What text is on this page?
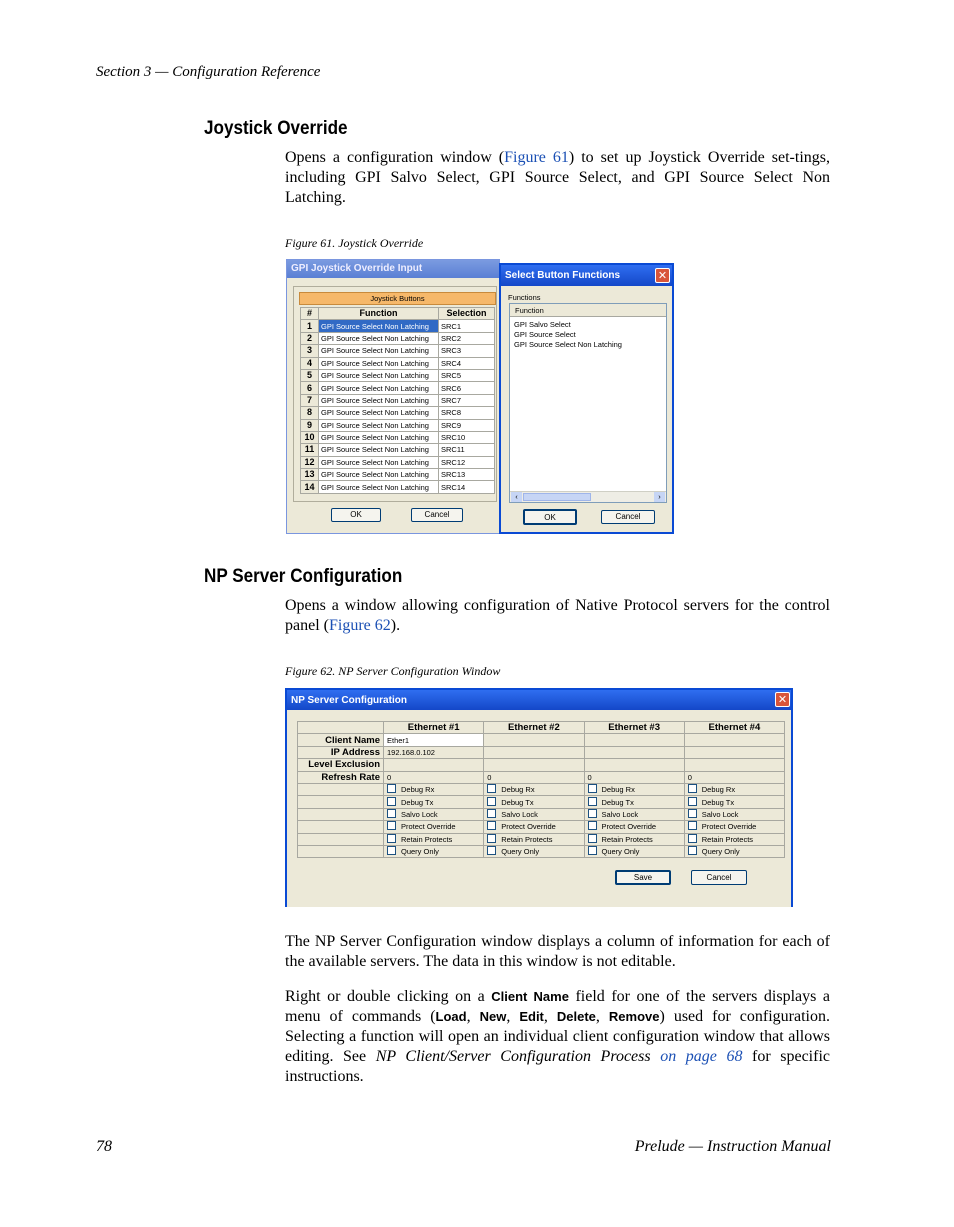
Section 3 — Configuration Reference
Joystick Override
Opens a configuration window (Figure 61) to set up Joystick Override set-tings, including GPI Salvo Select, GPI Source Select, and GPI Source Select Non Latching.
Figure 61. Joystick Override
GPI Joystick Override Input
Joystick Buttons
#	Function	Selection
1	GPI Source Select Non Latching	SRC1
2	GPI Source Select Non Latching	SRC2
3	GPI Source Select Non Latching	SRC3
4	GPI Source Select Non Latching	SRC4
5	GPI Source Select Non Latching	SRC5
6	GPI Source Select Non Latching	SRC6
7	GPI Source Select Non Latching	SRC7
8	GPI Source Select Non Latching	SRC8
9	GPI Source Select Non Latching	SRC9
10	GPI Source Select Non Latching	SRC10
11	GPI Source Select Non Latching	SRC11
12	GPI Source Select Non Latching	SRC12
13	GPI Source Select Non Latching	SRC13
14	GPI Source Select Non Latching	SRC14
OK	Cancel
Select Button Functions	✕
Functions
Function
GPI Salvo Select
GPI Source Select
GPI Source Select Non Latching
‹	›
OK	Cancel
NP Server Configuration
Opens a window allowing configuration of Native Protocol servers for the control panel (Figure 62).
Figure 62. NP Server Configuration Window
NP Server Configuration	✕
	Ethernet #1	Ethernet #2	Ethernet #3	Ethernet #4
Client Name	Ether1			
IP Address	192.168.0.102			
Level Exclusion				
Refresh Rate	0	0	0	0
	Debug Rx	Debug Rx	Debug Rx	Debug Rx
	Debug Tx	Debug Tx	Debug Tx	Debug Tx
	Salvo Lock	Salvo Lock	Salvo Lock	Salvo Lock
	Protect Override	Protect Override	Protect Override	Protect Override
	Retain Protects	Retain Protects	Retain Protects	Retain Protects
	Query Only	Query Only	Query Only	Query Only
Save	Cancel
The NP Server Configuration window displays a column of information for each of the available servers. The data in this window is not editable.
Right or double clicking on a Client Name field for one of the servers displays a menu of commands (Load, New, Edit, Delete, Remove) used for configuration. Selecting a function will open an individual client configuration window that allows editing. See NP Client/Server Configuration Process on page 68 for specific instructions.
78	Prelude — Instruction Manual
